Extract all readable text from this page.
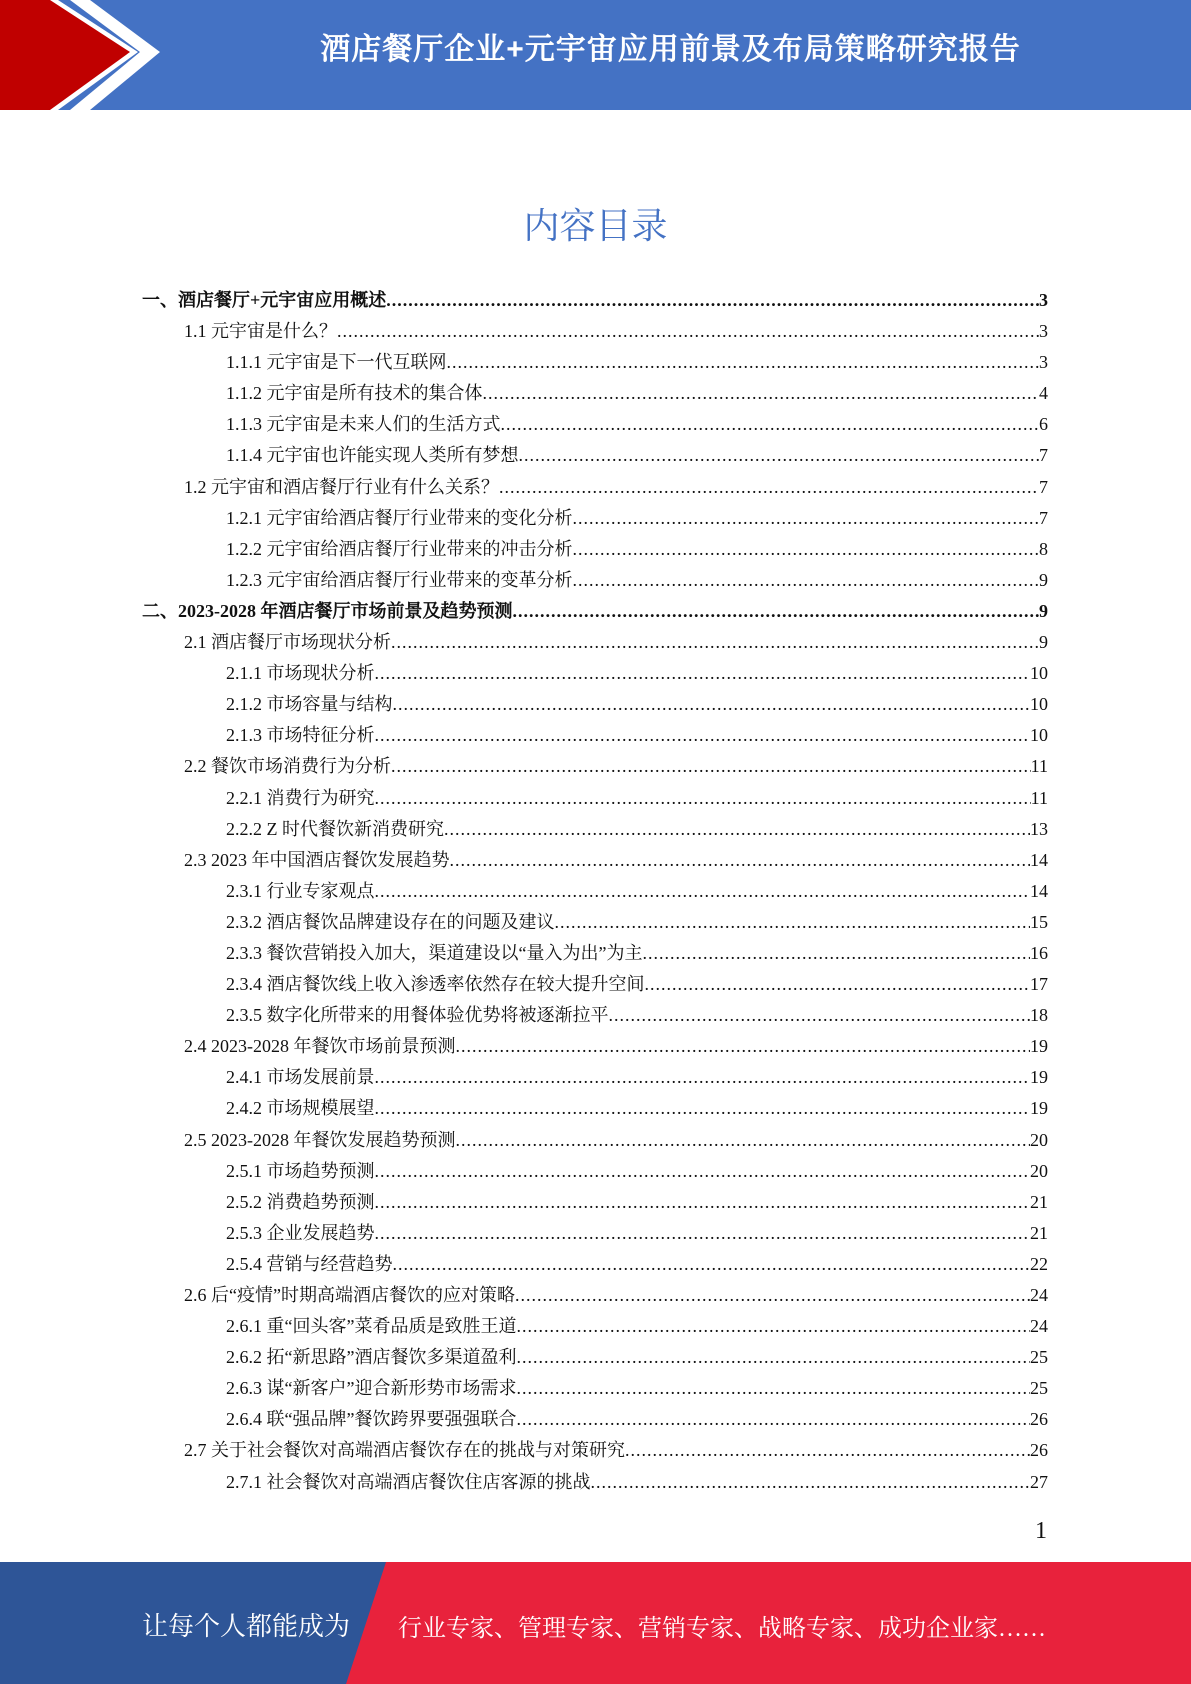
酒店餐厅企业+元宇宙应用前景及布局策略研究报告
内容目录
一、酒店餐厅+元宇宙应用概述 .....	3
1.1 元宇宙是什么？ .....	3
1.1.1 元宇宙是下一代互联网 .....	3
1.1.2 元宇宙是所有技术的集合体 .....	4
1.1.3 元宇宙是未来人们的生活方式 .....	6
1.1.4 元宇宙也许能实现人类所有梦想 .....	7
1.2 元宇宙和酒店餐厅行业有什么关系？ .....	7
1.2.1 元宇宙给酒店餐厅行业带来的变化分析 .....	7
1.2.2 元宇宙给酒店餐厅行业带来的冲击分析 .....	8
1.2.3 元宇宙给酒店餐厅行业带来的变革分析 .....	9
二、2023-2028 年酒店餐厅市场前景及趋势预测 .....	9
2.1 酒店餐厅市场现状分析 .....	9
2.1.1 市场现状分析 .....	10
2.1.2 市场容量与结构 .....	10
2.1.3 市场特征分析 .....	10
2.2 餐饮市场消费行为分析 .....	11
2.2.1 消费行为研究 .....	11
2.2.2 Z 时代餐饮新消费研究 .....	13
2.3 2023 年中国酒店餐饮发展趋势 .....	14
2.3.1 行业专家观点 .....	14
2.3.2 酒店餐饮品牌建设存在的问题及建议 .....	15
2.3.3 餐饮营销投入加大，渠道建设以“量入为出”为主 .....	16
2.3.4 酒店餐饮线上收入渗透率依然存在较大提升空间 .....	17
2.3.5 数字化所带来的用餐体验优势将被逐渐拉平 .....	18
2.4 2023-2028 年餐饮市场前景预测 .....	19
2.4.1 市场发展前景 .....	19
2.4.2 市场规模展望 .....	19
2.5 2023-2028 年餐饮发展趋势预测 .....	20
2.5.1 市场趋势预测 .....	20
2.5.2 消费趋势预测 .....	21
2.5.3 企业发展趋势 .....	21
2.5.4 营销与经营趋势 .....	22
2.6 后“疫情”时期高端酒店餐饮的应对策略 .....	24
2.6.1 重“回头客”菜肴品质是致胜王道 .....	24
2.6.2 拓“新思路”酒店餐饮多渠道盈利 .....	25
2.6.3 谋“新客户”迎合新形势市场需求 .....	25
2.6.4 联“强品牌”餐饮跨界要强强联合 .....	26
2.7 关于社会餐饮对高端酒店餐饮存在的挑战与对策研究 .....	26
2.7.1 社会餐饮对高端酒店餐饮住店客源的挑战 .....	27
1
让每个人都能成为 行业专家、管理专家、营销专家、战略专家、成功企业家……
